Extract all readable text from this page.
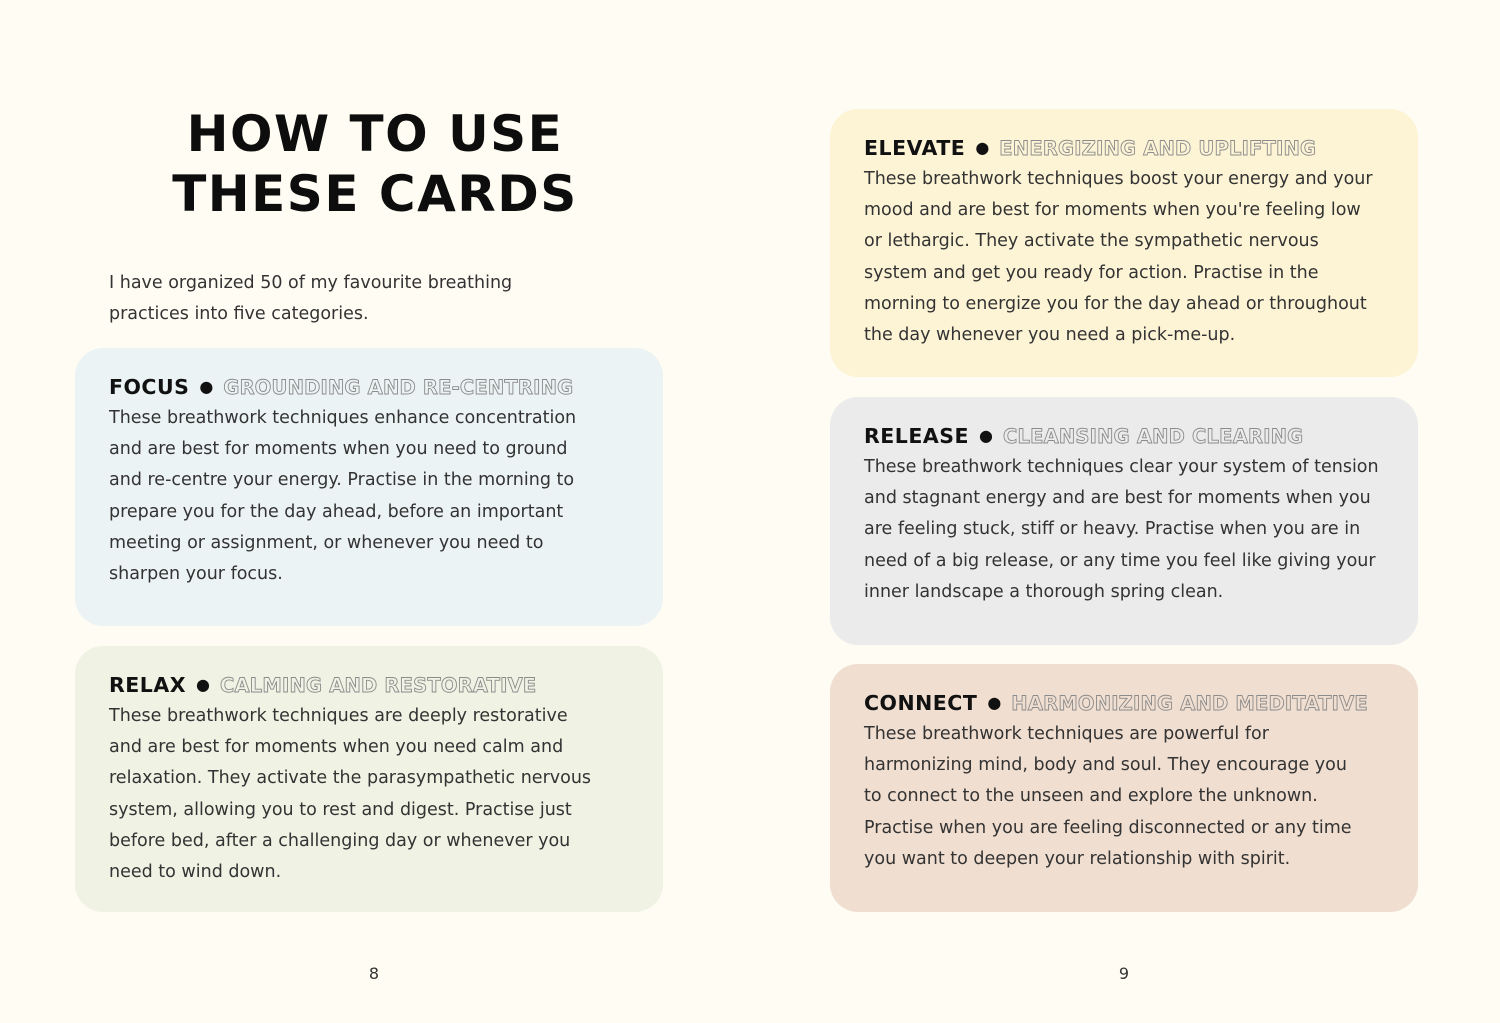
HOW TO USE
THESE CARDS

I have organized 50 of my favourite breathing practices into five categories.

FOCUS ● GROUNDING AND RE-CENTRING

These breathwork techniques enhance concentration and are best for moments when you need to ground and re-centre your energy. Practise in the morning to prepare you for the day ahead, before an important meeting or assignment, or whenever you need to sharpen your focus.

RELAX ● CALMING AND RESTORATIVE

These breathwork techniques are deeply restorative and are best for moments when you need calm and relaxation. They activate the parasympathetic nervous system, allowing you to rest and digest. Practise just before bed, after a challenging day or whenever you need to wind down.

ELEVATE ● ENERGIZING AND UPLIFTING

These breathwork techniques boost your energy and your mood and are best for moments when you're feeling low or lethargic. They activate the sympathetic nervous system and get you ready for action. Practise in the morning to energize you for the day ahead or throughout the day whenever you need a pick-me-up.

RELEASE ● CLEANSING AND CLEARING

These breathwork techniques clear your system of tension and stagnant energy and are best for moments when you are feeling stuck, stiff or heavy. Practise when you are in need of a big release, or any time you feel like giving your inner landscape a thorough spring clean.

CONNECT ● HARMONIZING AND MEDITATIVE

These breathwork techniques are powerful for harmonizing mind, body and soul. They encourage you to connect to the unseen and explore the unknown. Practise when you are feeling disconnected or any time you want to deepen your relationship with spirit.

8	9
